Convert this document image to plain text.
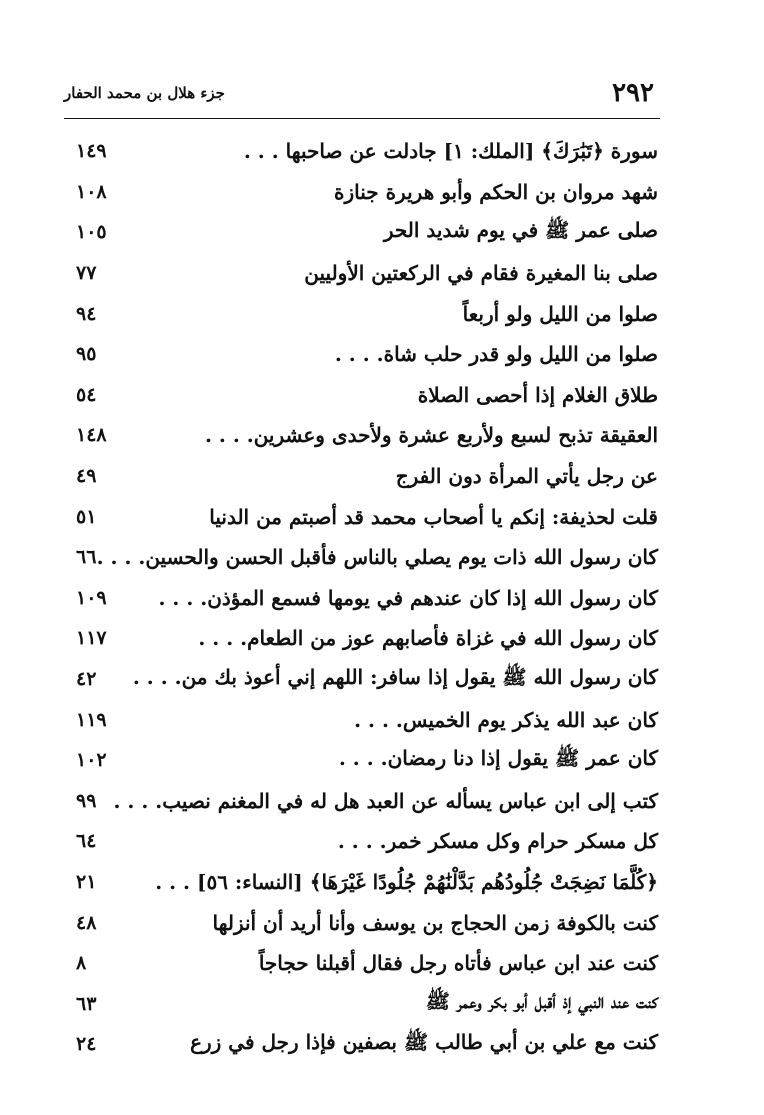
٢٩٢
جزء هلال بن محمد الحفار
سورة ﴿تَبَٰرَكَ﴾ [الملك: ١] جادلت عن صاحبها . . .
١٤٩
شهد مروان بن الحكم وأبو هريرة جنازة
١٠٨
صلى عمر ﷺ في يوم شديد الحر
١٠٥
صلى بنا المغيرة فقام في الركعتين الأوليين
٧٧
صلوا من الليل ولو أربعاً
٩٤
صلوا من الليل ولو قدر حلب شاة. . . .
٩٥
طلاق الغلام إذا أحصى الصلاة
٥٤
العقيقة تذبح لسبع ولأربع عشرة ولأحدى وعشرين. . . .
١٤٨
عن رجل يأتي المرأة دون الفرج
٤٩
قلت لحذيفة: إنكم يا أصحاب محمد قد أصبتم من الدنيا
٥١
كان رسول الله ذات يوم يصلي بالناس فأقبل الحسن والحسين. . . .
٦٦
كان رسول الله إذا كان عندهم في يومها فسمع المؤذن. . . .
١٠٩
كان رسول الله في غزاة فأصابهم عوز من الطعام. . . .
١١٧
كان رسول الله ﷺ يقول إذا سافر: اللهم إني أعوذ بك من. . . .
٤٢
كان عبد الله يذكر يوم الخميس. . . .
١١٩
كان عمر ﷺ يقول إذا دنا رمضان. . . .
١٠٢
كتب إلى ابن عباس يسأله عن العبد هل له في المغنم نصيب. . . .
٩٩
كل مسكر حرام وكل مسكر خمر. . . .
٦٤
﴿كُلَّمَا نَضِجَتْ جُلُودُهُم بَدَّلْنَٰهُمْ جُلُودًا غَيْرَهَا﴾ [النساء: ٥٦] . . .
٢١
كنت بالكوفة زمن الحجاج بن يوسف وأنا أريد أن أنزلها
٤٨
كنت عند ابن عباس فأتاه رجل فقال أقبلنا حجاجاً
٨
كنت عند النبي إذ أقبل أبو بكر وعمر ﷺ
٦٣
كنت مع علي بن أبي طالب ﷺ بصفين فإذا رجل في زرع
٢٤
